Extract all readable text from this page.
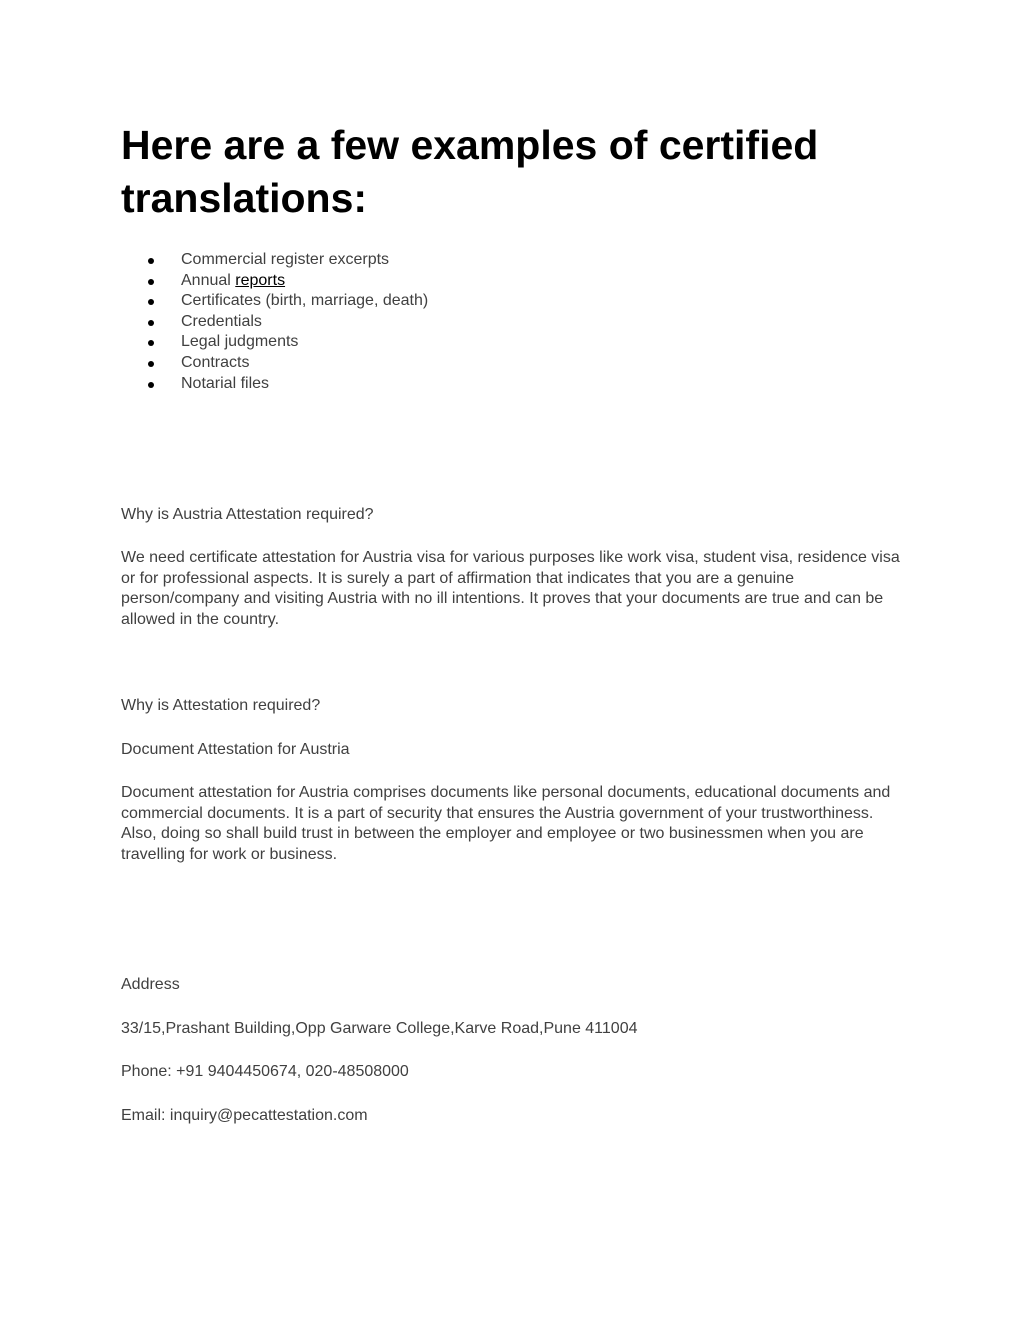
Here are a few examples of certified translations:
Commercial register excerpts
Annual reports
Certificates (birth, marriage, death)
Credentials
Legal judgments
Contracts
Notarial files

Why is Austria Attestation required?

We need certificate attestation for Austria visa for various purposes like work visa, student visa, residence visa or for professional aspects. It is surely a part of affirmation that indicates that you are a genuine person/company and visiting Austria with no ill intentions. It proves that your documents are true and can be allowed in the country.

Why is Attestation required?

Document Attestation for Austria

Document attestation for Austria comprises documents like personal documents, educational documents and commercial documents. It is a part of security that ensures the Austria government of your trustworthiness. Also, doing so shall build trust in between the employer and employee or two businessmen when you are travelling for work or business.

Address

33/15,Prashant Building,Opp Garware College,Karve Road,Pune 411004

Phone: +91 9404450674, 020-48508000

Email: inquiry@pecattestation.com
